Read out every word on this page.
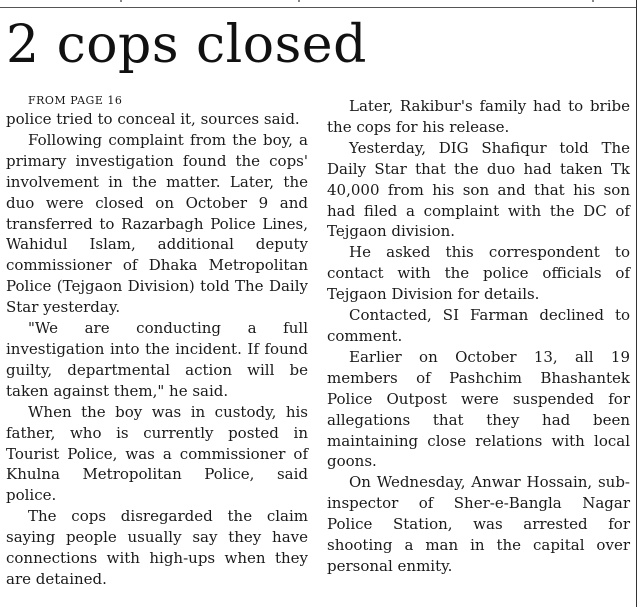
2 cops closed

FROM PAGE 16

police tried to conceal it, sources said.

Following complaint from the boy, a primary investigation found the cops' involvement in the matter. Later, the duo were closed on October 9 and transferred to Razarbagh Police Lines, Wahidul Islam, additional deputy commissioner of Dhaka Metropolitan Police (Tejgaon Division) told The Daily Star yesterday.

"We are conducting a full investigation into the incident. If found guilty, departmental action will be taken against them," he said.

When the boy was in custody, his father, who is currently posted in Tourist Police, was a commissioner of Khulna Metropolitan Police, said police.

The cops disregarded the claim saying people usually say they have connections with high-ups when they are detained.

Later, Rakibur's family had to bribe the cops for his release.

Yesterday, DIG Shafiqur told The Daily Star that the duo had taken Tk 40,000 from his son and that his son had filed a complaint with the DC of Tejgaon division.

He asked this correspondent to contact with the police officials of Tejgaon Division for details.

Contacted, SI Farman declined to comment.

Earlier on October 13, all 19 members of Pashchim Bhashantek Police Outpost were suspended for allegations that they had been maintaining close relations with local goons.

On Wednesday, Anwar Hossain, sub-inspector of Sher-e-Bangla Nagar Police Station, was arrested for shooting a man in the capital over personal enmity.
